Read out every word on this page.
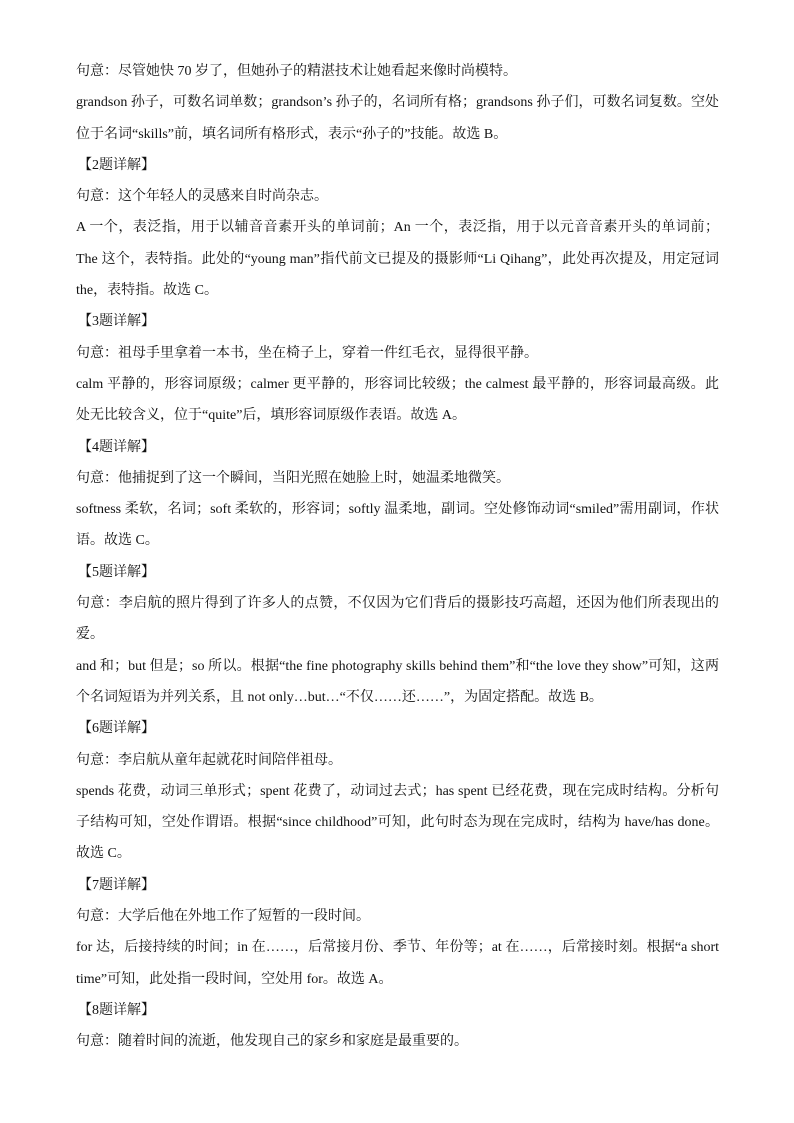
句意：尽管她快 70 岁了，但她孙子的精湛技术让她看起来像时尚模特。
grandson 孙子，可数名词单数；grandson’s 孙子的，名词所有格；grandsons 孙子们，可数名词复数。空处
位于名词“skills”前，填名词所有格形式，表示“孙子的”技能。故选 B。
【2题详解】
句意：这个年轻人的灵感来自时尚杂志。
A 一个，表泛指，用于以辅音音素开头的单词前；An 一个，表泛指，用于以元音音素开头的单词前；
The 这个，表特指。此处的“young man”指代前文已提及的摄影师“Li Qihang”，此处再次提及，用定冠词
the，表特指。故选 C。
【3题详解】
句意：祖母手里拿着一本书，坐在椅子上，穿着一件红毛衣，显得很平静。
calm 平静的，形容词原级；calmer 更平静的，形容词比较级；the calmest 最平静的，形容词最高级。此
处无比较含义，位于“quite”后，填形容词原级作表语。故选 A。
【4题详解】
句意：他捕捉到了这一个瞬间，当阳光照在她脸上时，她温柔地微笑。
softness 柔软，名词；soft 柔软的，形容词；softly 温柔地，副词。空处修饰动词“smiled”需用副词，作状
语。故选 C。
【5题详解】
句意：李启航的照片得到了许多人的点赞，不仅因为它们背后的摄影技巧高超，还因为他们所表现出的
爱。
and 和；but 但是；so 所以。根据“the fine photography skills behind them”和“the love they show”可知，这两
个名词短语为并列关系，且 not only…but…“不仅……还……”，为固定搭配。故选 B。
【6题详解】
句意：李启航从童年起就花时间陪伴祖母。
spends 花费，动词三单形式；spent 花费了，动词过去式；has spent 已经花费，现在完成时结构。分析句
子结构可知，空处作谓语。根据“since childhood”可知，此句时态为现在完成时，结构为 have/has done。
故选 C。
【7题详解】
句意：大学后他在外地工作了短暂的一段时间。
for 达，后接持续的时间；in 在……，后常接月份、季节、年份等；at 在……，后常接时刻。根据“a short
time”可知，此处指一段时间，空处用 for。故选 A。
【8题详解】
句意：随着时间的流逝，他发现自己的家乡和家庭是最重要的。
